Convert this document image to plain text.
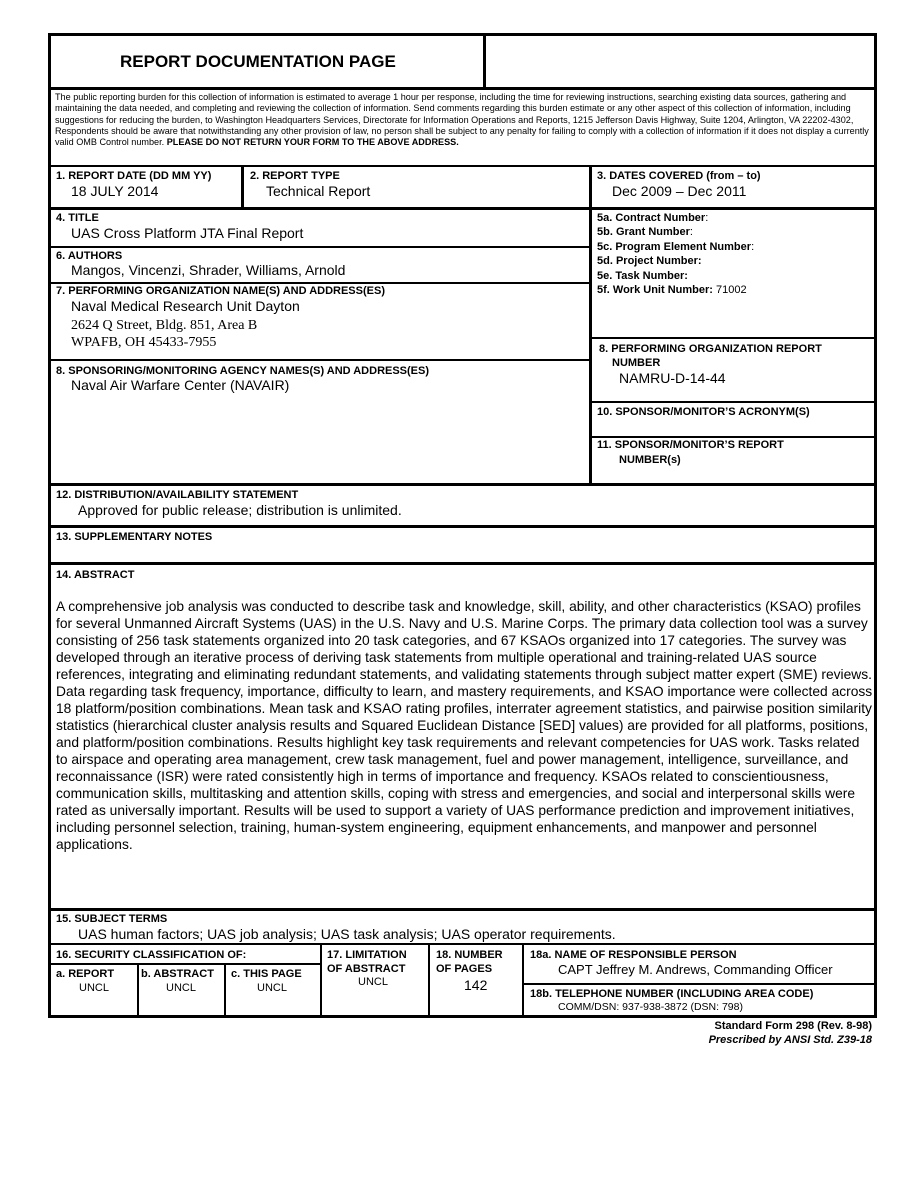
REPORT DOCUMENTATION PAGE
The public reporting burden for this collection of information is estimated to average 1 hour per response, including the time for reviewing instructions, searching existing data sources, gathering and maintaining the data needed, and completing and reviewing the collection of information. Send comments regarding this burden estimate or any other aspect of this collection of information, including suggestions for reducing the burden, to Washington Headquarters Services, Directorate for Information Operations and Reports, 1215 Jefferson Davis Highway, Suite 1204, Arlington, VA 22202-4302, Respondents should be aware that notwithstanding any other provision of law, no person shall be subject to any penalty for failing to comply with a collection of information if it does not display a currently valid OMB Control number. PLEASE DO NOT RETURN YOUR FORM TO THE ABOVE ADDRESS.
1. REPORT DATE (DD MM YY)
18 JULY 2014
2. REPORT TYPE
Technical Report
3. DATES COVERED (from – to)
Dec 2009 – Dec 2011
4. TITLE
UAS Cross Platform JTA Final Report
5a. Contract Number:
5b. Grant Number:
5c. Program Element Number:
5d. Project Number:
5e. Task Number:
5f. Work Unit Number: 71002
6. AUTHORS
Mangos, Vincenzi, Shrader, Williams, Arnold
7. PERFORMING ORGANIZATION NAME(S) AND ADDRESS(ES)
Naval Medical Research Unit Dayton
2624 Q Street, Bldg. 851, Area B
WPAFB, OH 45433-7955	8. PERFORMING ORGANIZATION REPORT
NUMBER
NAMRU-D-14-44
8. SPONSORING/MONITORING AGENCY NAMES(S) AND ADDRESS(ES)
Naval Air Warfare Center (NAVAIR)
10. SPONSOR/MONITOR’S ACRONYM(S)
11. SPONSOR/MONITOR’S REPORT
NUMBER(s)
12. DISTRIBUTION/AVAILABILITY STATEMENT
Approved for public release; distribution is unlimited.
13. SUPPLEMENTARY NOTES
14. ABSTRACT
A comprehensive job analysis was conducted to describe task and knowledge, skill, ability, and other characteristics (KSAO) profiles for several Unmanned Aircraft Systems (UAS) in the U.S. Navy and U.S. Marine Corps. The primary data collection tool was a survey consisting of 256 task statements organized into 20 task categories, and 67 KSAOs organized into 17 categories. The survey was developed through an iterative process of deriving task statements from multiple operational and training-related UAS source references, integrating and eliminating redundant statements, and validating statements through subject matter expert (SME) reviews. Data regarding task frequency, importance, difficulty to learn, and mastery requirements, and KSAO importance were collected across 18 platform/position combinations. Mean task and KSAO rating profiles, interrater agreement statistics, and pairwise position similarity statistics (hierarchical cluster analysis results and Squared Euclidean Distance [SED] values) are provided for all platforms, positions, and platform/position combinations. Results highlight key task requirements and relevant competencies for UAS work. Tasks related to airspace and operating area management, crew task management, fuel and power management, intelligence, surveillance, and reconnaissance (ISR) were rated consistently high in terms of importance and frequency. KSAOs related to conscientiousness, communication skills, multitasking and attention skills, coping with stress and emergencies, and social and interpersonal skills were rated as universally important. Results will be used to support a variety of UAS performance prediction and improvement initiatives, including personnel selection, training, human-system engineering, equipment enhancements, and manpower and personnel applications.
15. SUBJECT TERMS
UAS human factors; UAS job analysis; UAS task analysis; UAS operator requirements.
16. SECURITY CLASSIFICATION OF:
a. REPORT
UNCL
b. ABSTRACT
UNCL
c. THIS PAGE
UNCL
17. LIMITATION
OF ABSTRACT
UNCL
18. NUMBER
OF PAGES
142
18a. NAME OF RESPONSIBLE PERSON
CAPT Jeffrey M. Andrews, Commanding Officer
18b. TELEPHONE NUMBER (INCLUDING AREA CODE)
COMM/DSN: 937-938-3872 (DSN: 798)
Standard Form 298 (Rev. 8-98)
Prescribed by ANSI Std. Z39-18
